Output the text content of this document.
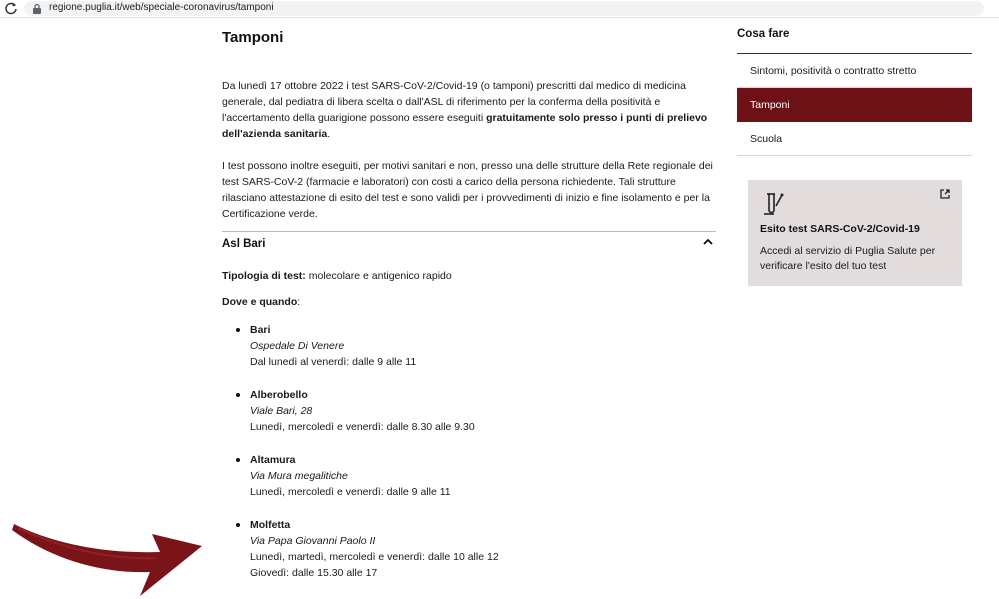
regione.puglia.it/web/speciale-coronavirus/tamponi
Tamponi

Da lunedì 17 ottobre 2022 i test SARS-CoV-2/Covid-19 (o tamponi) prescritti dal medico di medicina generale, dal pediatra di libera scelta o dall'ASL di riferimento per la conferma della positività e l'accertamento della guarigione possono essere eseguiti gratuitamente solo presso i punti di prelievo dell'azienda sanitaria.

I test possono inoltre eseguiti, per motivi sanitari e non, presso una delle strutture della Rete regionale dei test SARS-CoV-2 (farmacie e laboratori) con costi a carico della persona richiedente. Tali strutture rilasciano attestazione di esito del test e sono validi per i provvedimenti di inizio e fine isolamento e per la Certificazione verde.

Asl Bari

Tipologia di test: molecolare e antigenico rapido

Dove e quando:

Bari
Ospedale Di Venere
Dal lunedì al venerdì: dalle 9 alle 11
Alberobello
Viale Bari, 28
Lunedì, mercoledì e venerdì: dalle 8.30 alle 9.30
Altamura
Via Mura megalitiche
Lunedì, mercoledì e venerdì: dalle 9 alle 11
Molfetta
Via Papa Giovanni Paolo II
Lunedì, martedì, mercoledì e venerdì: dalle 10 alle 12
Giovedì: dalle 15.30 alle 17
Cosa fare
Sintomi, positività o contratto stretto
Tamponi
Scuola
Esito test SARS-CoV-2/Covid-19
Accedi al servizio di Puglia Salute per verificare l'esito del tuo test
